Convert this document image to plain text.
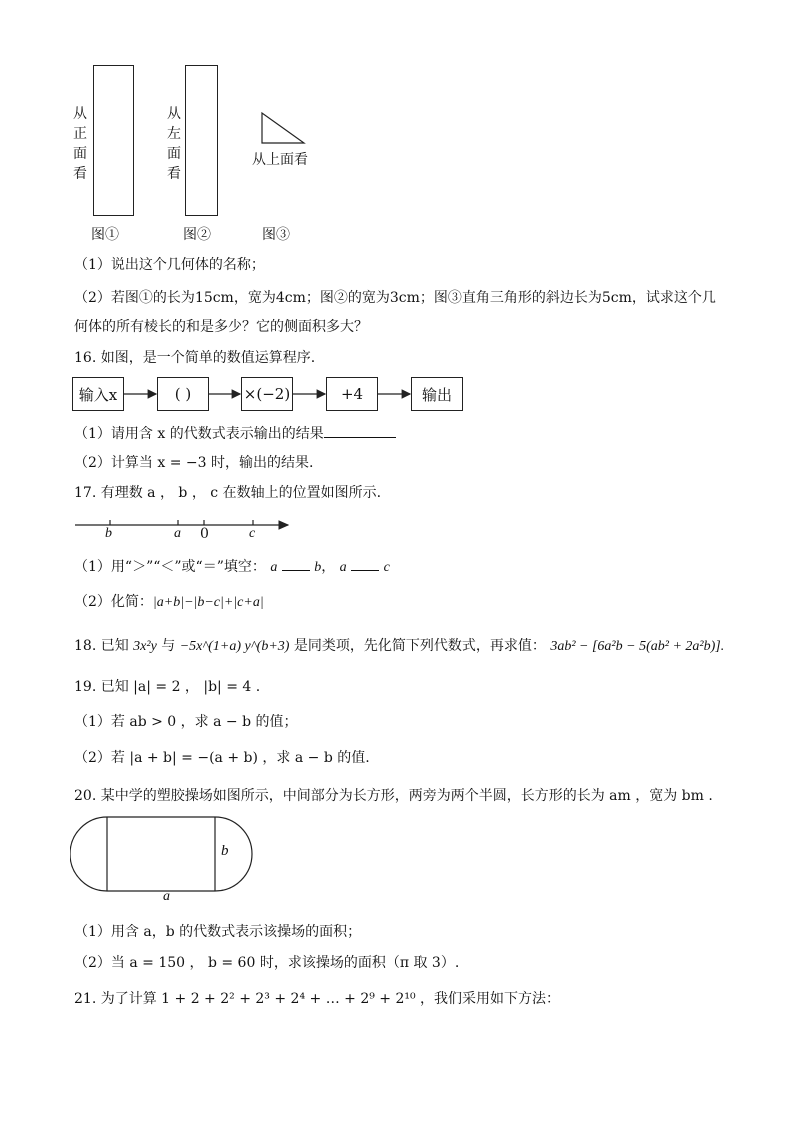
从
正
面
看
从
左
面
看
从上面看
图①	图②	图③
（1）说出这个几何体的名称；
（2）若图①的长为15cm，宽为4cm；图②的宽为3cm；图③直角三角形的斜边长为5cm，试求这个几
何体的所有棱长的和是多少？它的侧面积多大？
16. 如图，是一个简单的数值运算程序.
输入x	( )	×(−2)	+4	输出
（1）请用含 x 的代数式表示输出的结果
（2）计算当 x = −3 时，输出的结果.
17. 有理数 a ， b ， c 在数轴上的位置如图所示.
b	a 0	c
（1）用“＞”“＜”或“＝”填空： a	b， a	c
（2）化简：|a+b|−|b−c|+|c+a|
18. 已知 3x²y 与 −5x^(1+a) y^(b+3) 是同类项，先化简下列代数式，再求值： 3ab² − [6a²b − 5(ab² + 2a²b)].
19. 已知 |a| = 2 ， |b| = 4 .
（1）若 ab > 0 ，求 a − b 的值；
（2）若 |a + b| = −(a + b) ，求 a − b 的值.
20. 某中学的塑胶操场如图所示，中间部分为长方形，两旁为两个半圆，长方形的长为 am ，宽为 bm .
b
a
（1）用含 a，b 的代数式表示该操场的面积；
（2）当 a = 150 ， b = 60 时，求该操场的面积（π 取 3）.
21. 为了计算 1 + 2 + 2² + 2³ + 2⁴ + … + 2⁹ + 2¹⁰ ，我们采用如下方法：
